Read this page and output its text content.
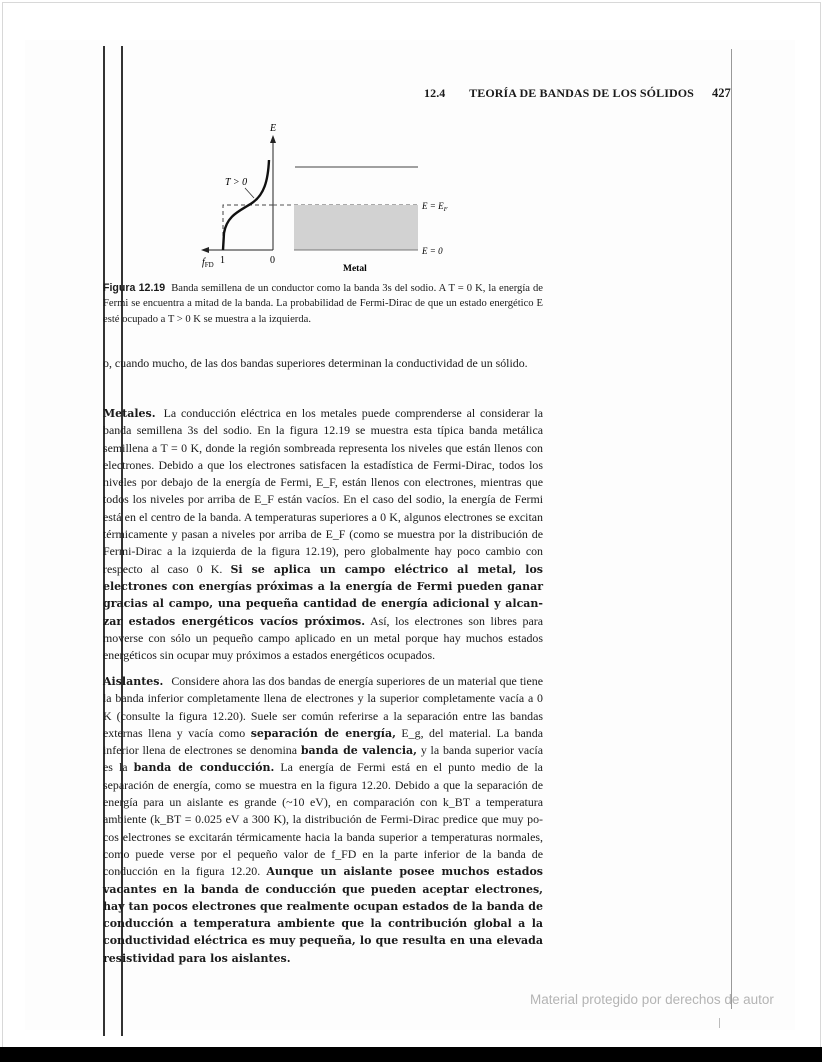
12.4 TEORÍA DE BANDAS DE LOS SÓLIDOS 427
E
$f_{FD}$ 1	0
T > 0
$E = E_F$
E = 0
Metal
Figura 12.19 Banda semillena de un conductor como la banda 3s del sodio. A T = 0 K, la energía de Fermi se encuentra a mitad de la banda. La probabilidad de Fermi-Dirac de que un estado energético E esté ocupado a T > 0 K se muestra a la izquierda.
o, cuando mucho, de las dos bandas superiores determinan la conductividad de un sólido.
Metales. La conducción eléctrica en los metales puede comprenderse al considerar la banda semillena 3s del sodio. En la figura 12.19 se muestra esta típica banda metálica semillena a T = 0 K, donde la región sombreada representa los niveles que están llenos con electrones. Debido a que los electrones satisfacen la estadística de Fermi-Dirac, todos los niveles por debajo de la energía de Fermi, E_F, están llenos con electrones, mientras que todos los niveles por arriba de E_F están vacíos. En el caso del sodio, la energía de Fermi está en el centro de la banda. A temperaturas superiores a 0 K, algunos electrones se excitan térmicamente y pasan a niveles por arriba de E_F (como se muestra por la distribución de Fermi-Dirac a la izquierda de la figura 12.19), pero globalmente hay poco cambio con respecto al caso 0 K. Si se aplica un campo eléctrico al metal, los electrones con energías próximas a la energía de Fermi pueden ganar gracias al campo, una pequeña cantidad de energía adicional y alcanzar estados energéticos vacíos próximos. Así, los electrones son libres para moverse con sólo un pequeño campo aplicado en un metal porque hay muchos estados energéticos sin ocupar muy próximos a estados energéticos ocupados.
Aislantes. Considere ahora las dos bandas de energía superiores de un material que tiene la banda inferior completamente llena de electrones y la superior completamente vacía a 0 K (consulte la figura 12.20). Suele ser común referirse a la separación entre las bandas externas llena y vacía como separación de energía, E_g, del material. La banda inferior llena de electrones se denomina banda de valencia, y la banda superior vacía es la banda de conducción. La energía de Fermi está en el punto medio de la separación de energía, como se muestra en la figura 12.20. Debido a que la separación de energía para un aislante es grande (~10 eV), en comparación con k_BT a temperatura ambiente (k_BT = 0.025 eV a 300 K), la distribución de Fermi-Dirac predice que muy pocos electrones se excitarán térmicamente hacia la banda superior a temperaturas normales, como puede verse por el pequeño valor de f_FD en la parte inferior de la banda de conducción en la figura 12.20. Aunque un aislante posee muchos estados vacantes en la banda de conducción que pueden aceptar electrones, hay tan pocos electrones que realmente ocupan estados de la banda de conducción a temperatura ambiente que la contribución global a la conductividad eléctrica es muy pequeña, lo que resulta en una elevada resistividad para los aislantes.
Material protegido por derechos de autor
